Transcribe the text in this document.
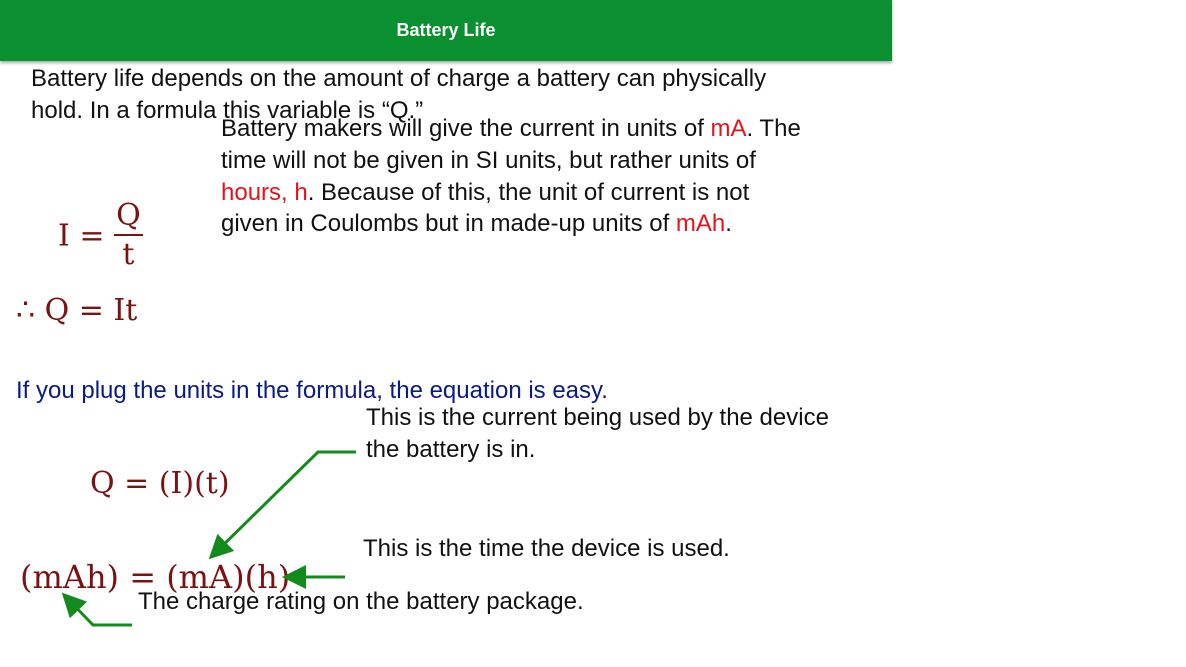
Battery Life
Battery life depends on the amount of charge a battery can physically
hold. In a formula this variable is “Q.”
Battery makers will give the current in units of mA. The
time will not be given in SI units, but rather units of
hours, h. Because of this, the unit of current is not
given in Coulombs but in made-up units of mAh.
$I = \frac{Q}{t}$
∴ Q = It
If you plug the units in the formula, the equation is easy.
This is the current being used by the device
the battery is in.
Q = (I)(t)
This is the time the device is used.
(mAh) = (mA)(h)
The charge rating on the battery package.
